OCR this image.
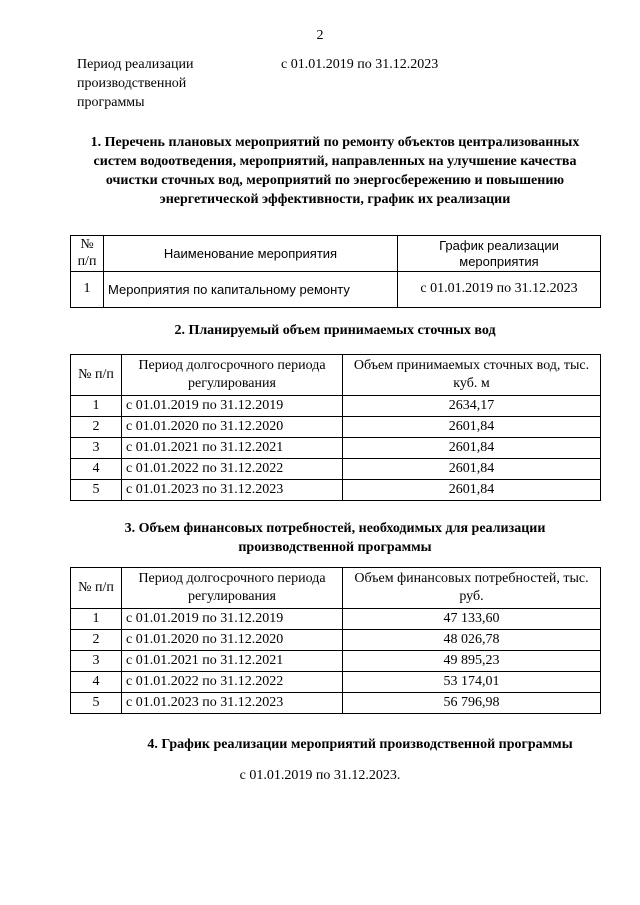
2
Период реализации производственной программы
с 01.01.2019 по 31.12.2023
1. Перечень плановых мероприятий по ремонту объектов централизованных систем водоотведения, мероприятий, направленных на улучшение качества очистки сточных вод, мероприятий по энергосбережению и повышению энергетической эффективности, график их реализации
№ п/п	Наименование мероприятия	График реализации мероприятия
1	Мероприятия по капитальному ремонту	с 01.01.2019 по 31.12.2023
2. Планируемый объем принимаемых сточных вод
№ п/п	Период долгосрочного периода регулирования	Объем принимаемых сточных вод, тыс. куб. м
1	с 01.01.2019 по 31.12.2019	2634,17
2	с 01.01.2020 по 31.12.2020	2601,84
3	с 01.01.2021 по 31.12.2021	2601,84
4	с 01.01.2022 по 31.12.2022	2601,84
5	с 01.01.2023 по 31.12.2023	2601,84
3. Объем финансовых потребностей, необходимых для реализации производственной программы
№ п/п	Период долгосрочного периода регулирования	Объем финансовых потребностей, тыс. руб.
1	с 01.01.2019 по 31.12.2019	47 133,60
2	с 01.01.2020 по 31.12.2020	48 026,78
3	с 01.01.2021 по 31.12.2021	49 895,23
4	с 01.01.2022 по 31.12.2022	53 174,01
5	с 01.01.2023 по 31.12.2023	56 796,98
4. График реализации мероприятий производственной программы
с 01.01.2019 по 31.12.2023.
